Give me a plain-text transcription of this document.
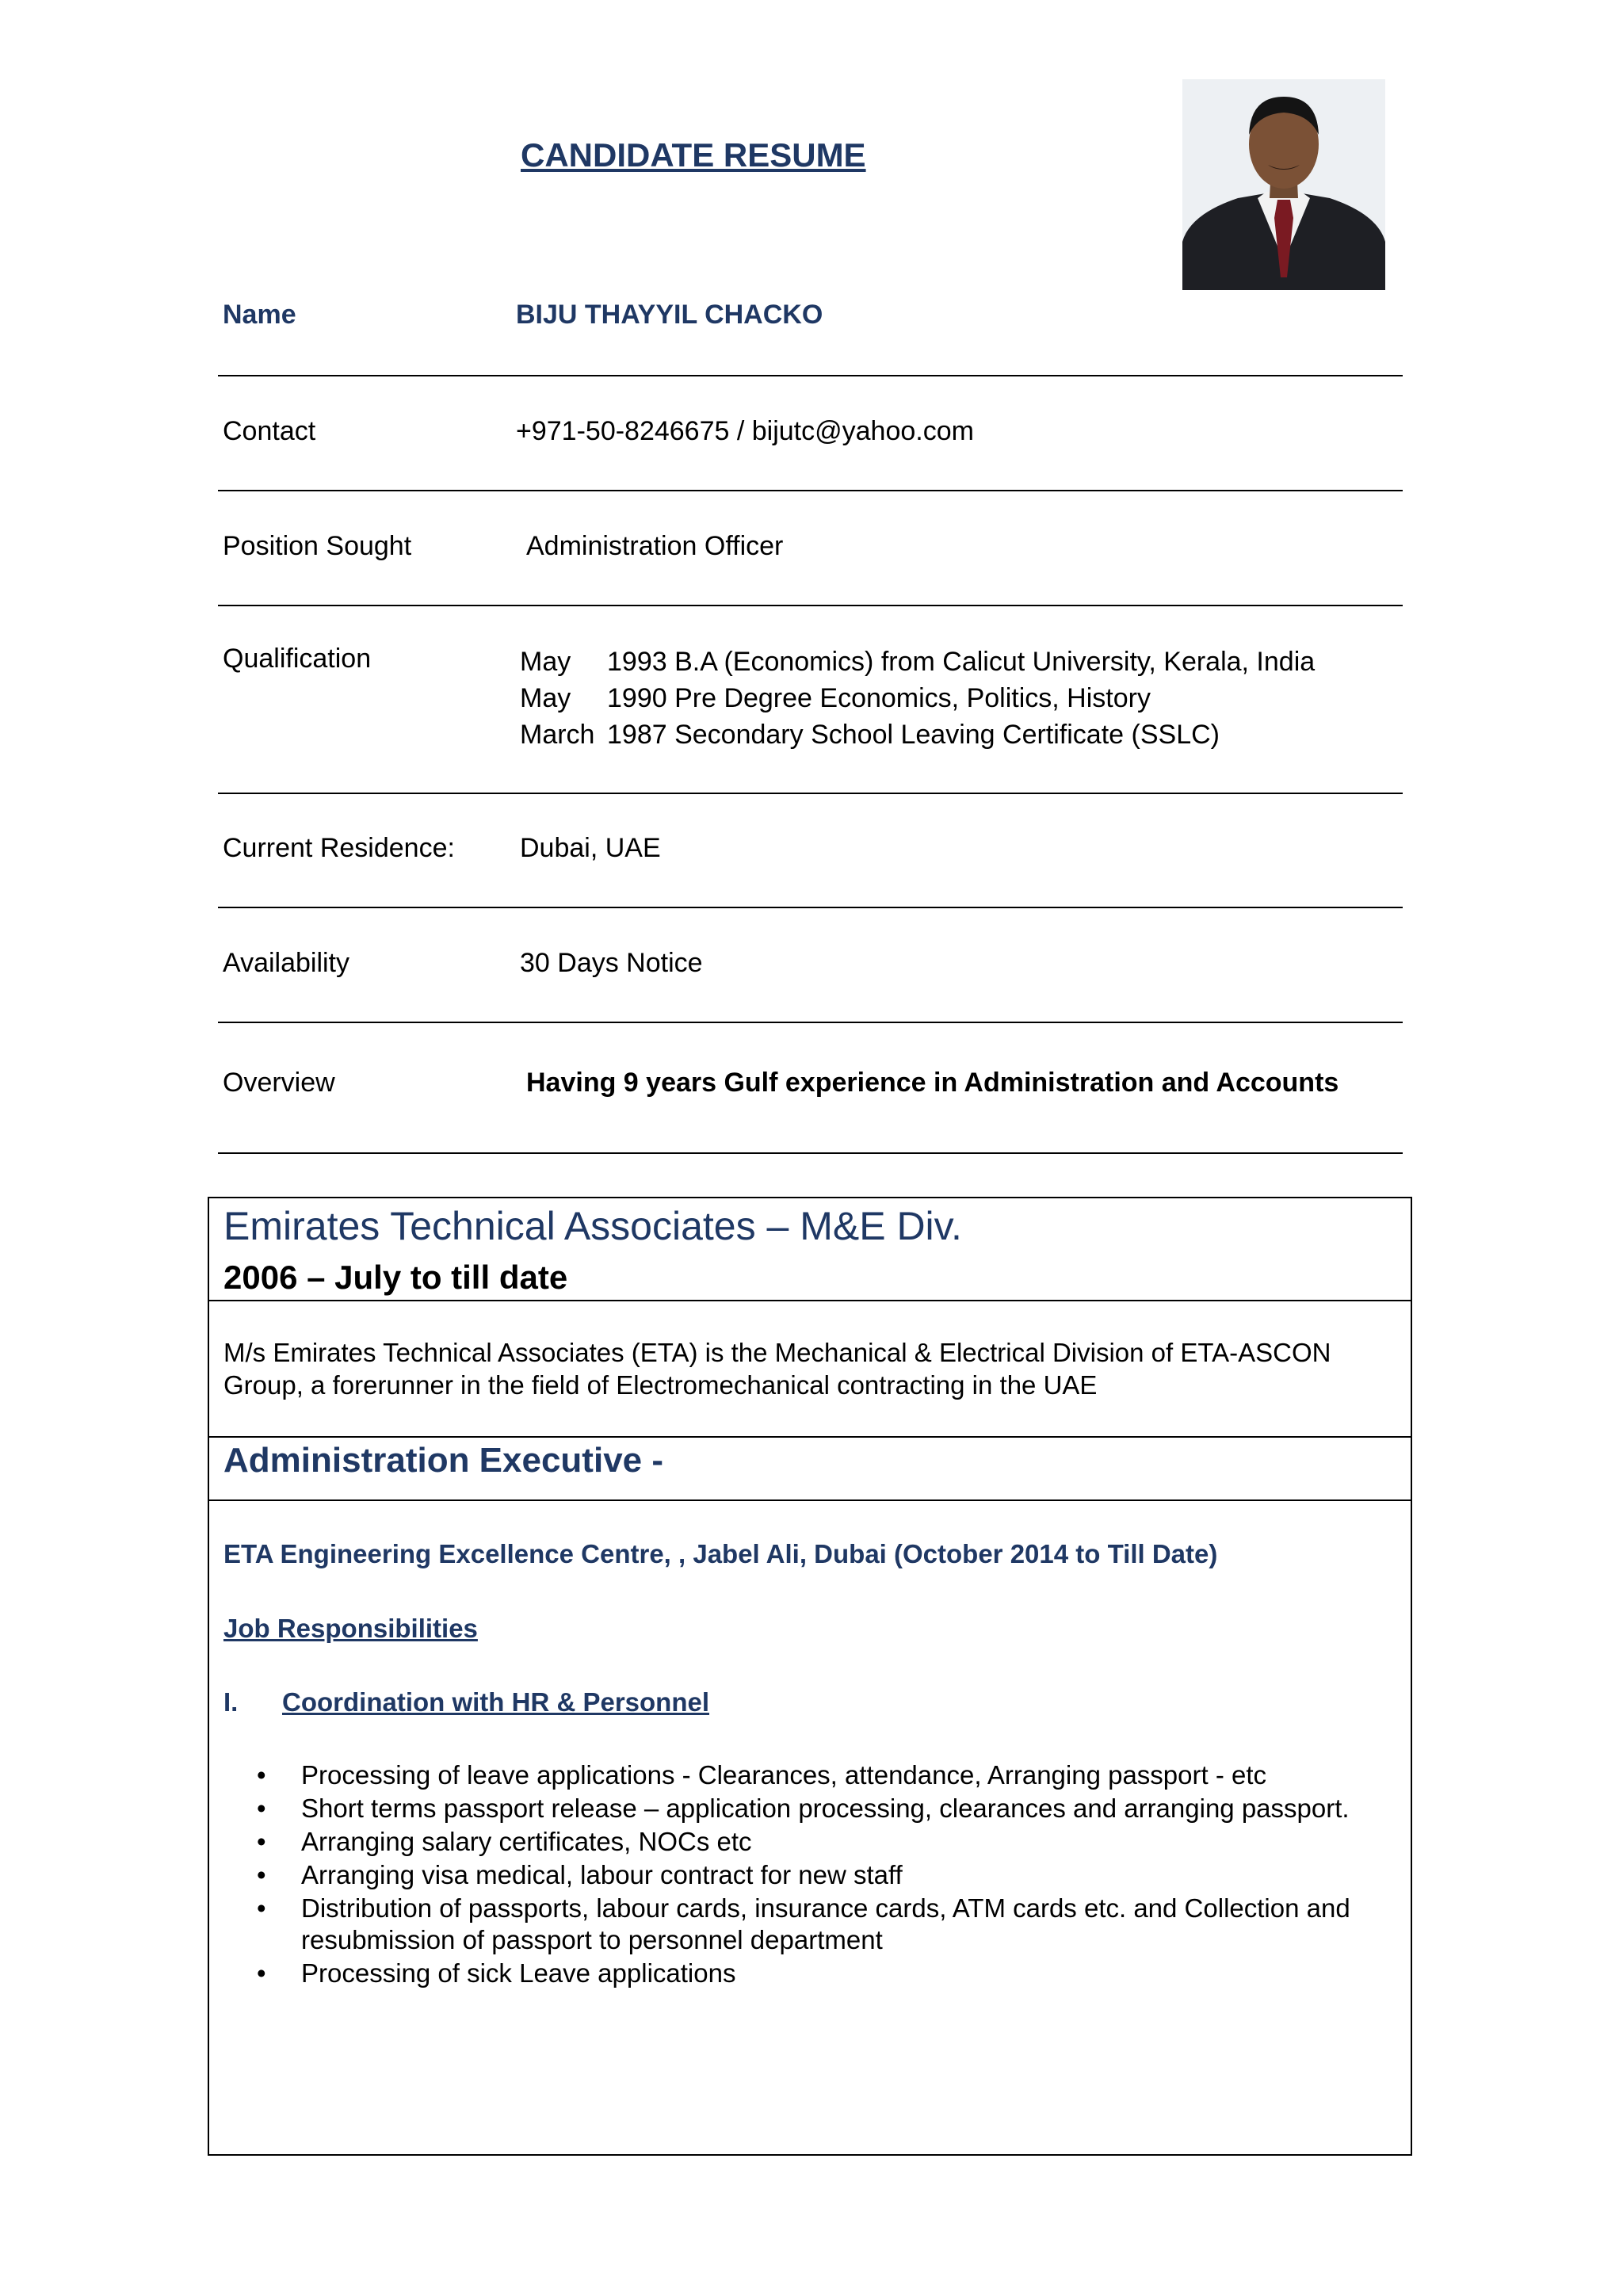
CANDIDATE RESUME
Name	BIJU THAYYIL CHACKO
Contact	+971-50-8246675 / bijutc@yahoo.com
Position Sought	Administration Officer
Qualification	May 1993 B.A (Economics) from Calicut University, Kerala, India
May 1990 Pre Degree Economics, Politics, History
March 1987 Secondary School Leaving Certificate (SSLC)
Current Residence: Dubai, UAE
Availability	30 Days Notice
Overview	Having 9 years Gulf experience in Administration and Accounts
Emirates Technical Associates – M&E Div.
2006 – July to till date
M/s Emirates Technical Associates (ETA) is the Mechanical & Electrical Division of ETA-ASCON Group, a forerunner in the field of Electromechanical contracting in the UAE
Administration Executive -
ETA Engineering Excellence Centre, , Jabel Ali, Dubai (October 2014 to Till Date)
Job Responsibilities
I. Coordination with HR & Personnel
• Processing of leave applications - Clearances, attendance, Arranging passport - etc
• Short terms passport release – application processing, clearances and arranging passport.
• Arranging salary certificates, NOCs etc
• Arranging visa medical, labour contract for new staff
• Distribution of passports, labour cards, insurance cards, ATM cards etc. and Collection and resubmission of passport to personnel department
• Processing of sick Leave applications
